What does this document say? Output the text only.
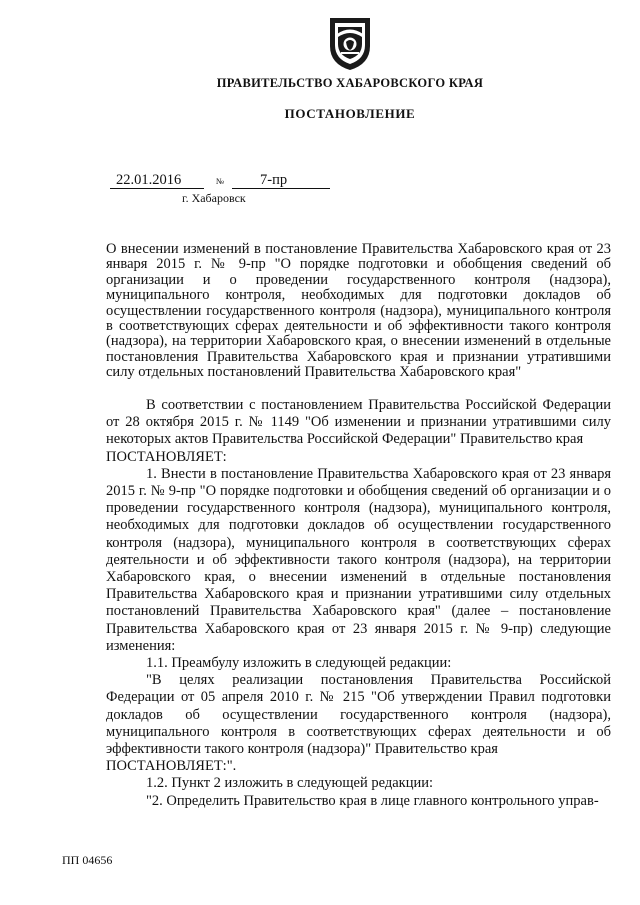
ПРАВИТЕЛЬСТВО ХАБАРОВСКОГО КРАЯ
ПОСТАНОВЛЕНИЕ
22.01.2016	№	7-пр
г. Хабаровск
О внесении изменений в постановление Правительства Хабаровского края от 23 января 2015 г. № 9-пр "О порядке подготовки и обобщения сведений об организации и о проведении государственного контроля (надзора), муниципального контроля, необходимых для подготовки докладов об осуществлении государственного контроля (надзора), муниципального контроля в соответствующих сферах деятельности и об эффективности такого контроля (надзора), на территории Хабаровского края, о внесении изменений в отдельные постановления Правительства Хабаровского края и признании утратившими силу отдельных постановлений Правительства Хабаровского края"

В соответствии с постановлением Правительства Российской Федерации от 28 октября 2015 г. № 1149 "Об изменении и признании утратившими силу некоторых актов Правительства Российской Федерации" Правительство края

ПОСТАНОВЛЯЕТ:

1. Внести в постановление Правительства Хабаровского края от 23 января 2015 г. № 9-пр "О порядке подготовки и обобщения сведений об организации и о проведении государственного контроля (надзора), муниципального контроля, необходимых для подготовки докладов об осуществлении государственного контроля (надзора), муниципального контроля в соответствующих сферах деятельности и об эффективности такого контроля (надзора), на территории Хабаровского края, о внесении изменений в отдельные постановления Правительства Хабаровского края и признании утратившими силу отдельных постановлений Правительства Хабаровского края" (далее – постановление Правительства Хабаровского края от 23 января 2015 г. № 9-пр) следующие изменения:

1.1. Преамбулу изложить в следующей редакции:

"В целях реализации постановления Правительства Российской Федерации от 05 апреля 2010 г. № 215 "Об утверждении Правил подготовки докладов об осуществлении государственного контроля (надзора), муниципального контроля в соответствующих сферах деятельности и об эффективности такого контроля (надзора)" Правительство края

ПОСТАНОВЛЯЕТ:".

1.2. Пункт 2 изложить в следующей редакции:

"2. Определить Правительство края в лице главного контрольного управ-

ПП 04656
